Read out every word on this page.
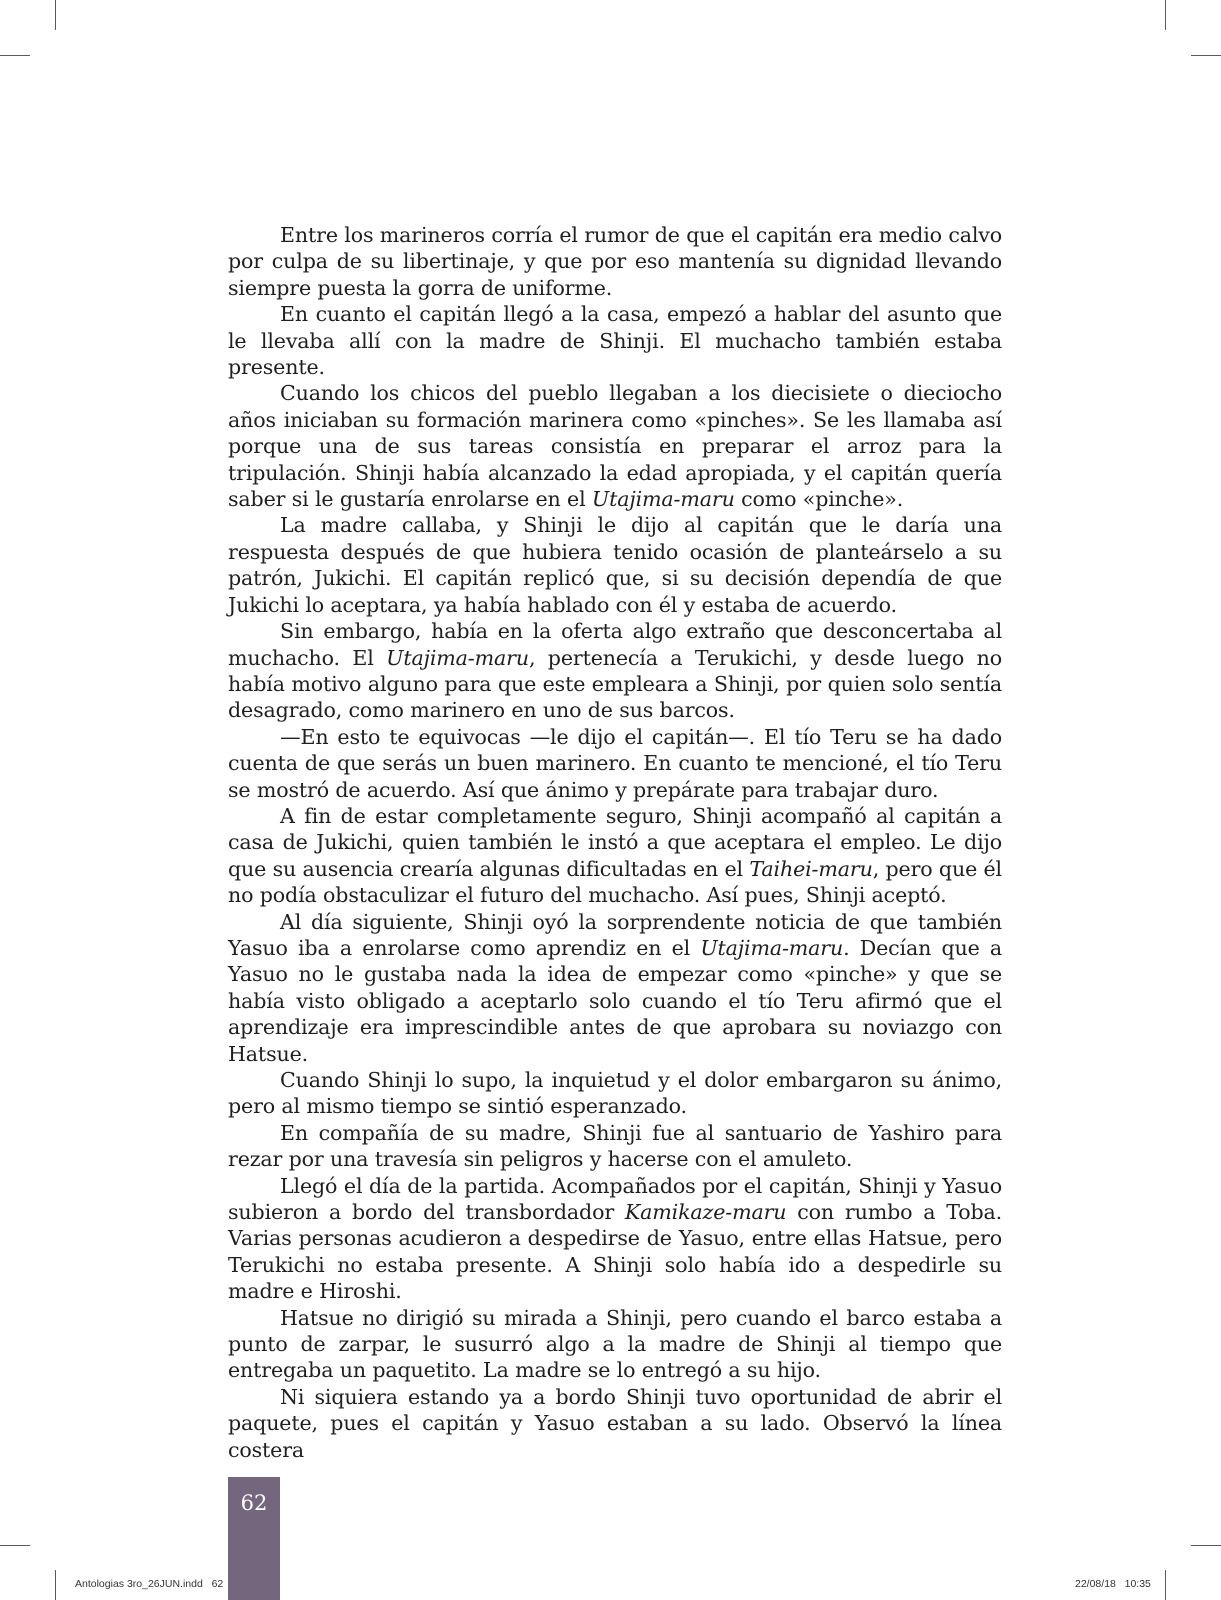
Entre los marineros corría el rumor de que el capitán era medio calvo por culpa de su libertinaje, y que por eso mantenía su dignidad llevando siempre puesta la gorra de uniforme.

En cuanto el capitán llegó a la casa, empezó a hablar del asunto que le llevaba allí con la madre de Shinji. El muchacho también estaba presente.

Cuando los chicos del pueblo llegaban a los diecisiete o dieciocho años iniciaban su formación marinera como «pinches». Se les llamaba así porque una de sus tareas consistía en preparar el arroz para la tripulación. Shinji había alcanzado la edad apropiada, y el capitán quería saber si le gustaría enrolarse en el Utajima-maru como «pinche».

La madre callaba, y Shinji le dijo al capitán que le daría una respuesta después de que hubiera tenido ocasión de planteárselo a su patrón, Jukichi. El capitán replicó que, si su decisión dependía de que Jukichi lo aceptara, ya había hablado con él y estaba de acuerdo.

Sin embargo, había en la oferta algo extraño que desconcertaba al muchacho. El Utajima-maru, pertenecía a Terukichi, y desde luego no había motivo alguno para que este empleara a Shinji, por quien solo sentía desagrado, como marinero en uno de sus barcos.

—En esto te equivocas —le dijo el capitán—. El tío Teru se ha dado cuenta de que serás un buen marinero. En cuanto te mencioné, el tío Teru se mostró de acuerdo. Así que ánimo y prepárate para trabajar duro.

A fin de estar completamente seguro, Shinji acompañó al capitán a casa de Jukichi, quien también le instó a que aceptara el empleo. Le dijo que su ausencia crearía algunas dificultadas en el Taihei-maru, pero que él no podía obstaculizar el futuro del muchacho. Así pues, Shinji aceptó.

Al día siguiente, Shinji oyó la sorprendente noticia de que también Yasuo iba a enrolarse como aprendiz en el Utajima-maru. Decían que a Yasuo no le gustaba nada la idea de empezar como «pinche» y que se había visto obligado a aceptarlo solo cuando el tío Teru afirmó que el aprendizaje era imprescindible antes de que aprobara su noviazgo con Hatsue.

Cuando Shinji lo supo, la inquietud y el dolor embargaron su ánimo, pero al mismo tiempo se sintió esperanzado.

En compañía de su madre, Shinji fue al santuario de Yashiro para rezar por una travesía sin peligros y hacerse con el amuleto.

Llegó el día de la partida. Acompañados por el capitán, Shinji y Yasuo subieron a bordo del transbordador Kamikaze-maru con rumbo a Toba. Varias personas acudieron a despedirse de Yasuo, entre ellas Hatsue, pero Terukichi no estaba presente. A Shinji solo había ido a despedirle su madre e Hiroshi.

Hatsue no dirigió su mirada a Shinji, pero cuando el barco estaba a punto de zarpar, le susurró algo a la madre de Shinji al tiempo que entregaba un paquetito. La madre se lo entregó a su hijo.

Ni siquiera estando ya a bordo Shinji tuvo oportunidad de abrir el paquete, pues el capitán y Yasuo estaban a su lado. Observó la línea costera

62
Antologias 3ro_26JUN.indd   62	22/08/18   10:35
